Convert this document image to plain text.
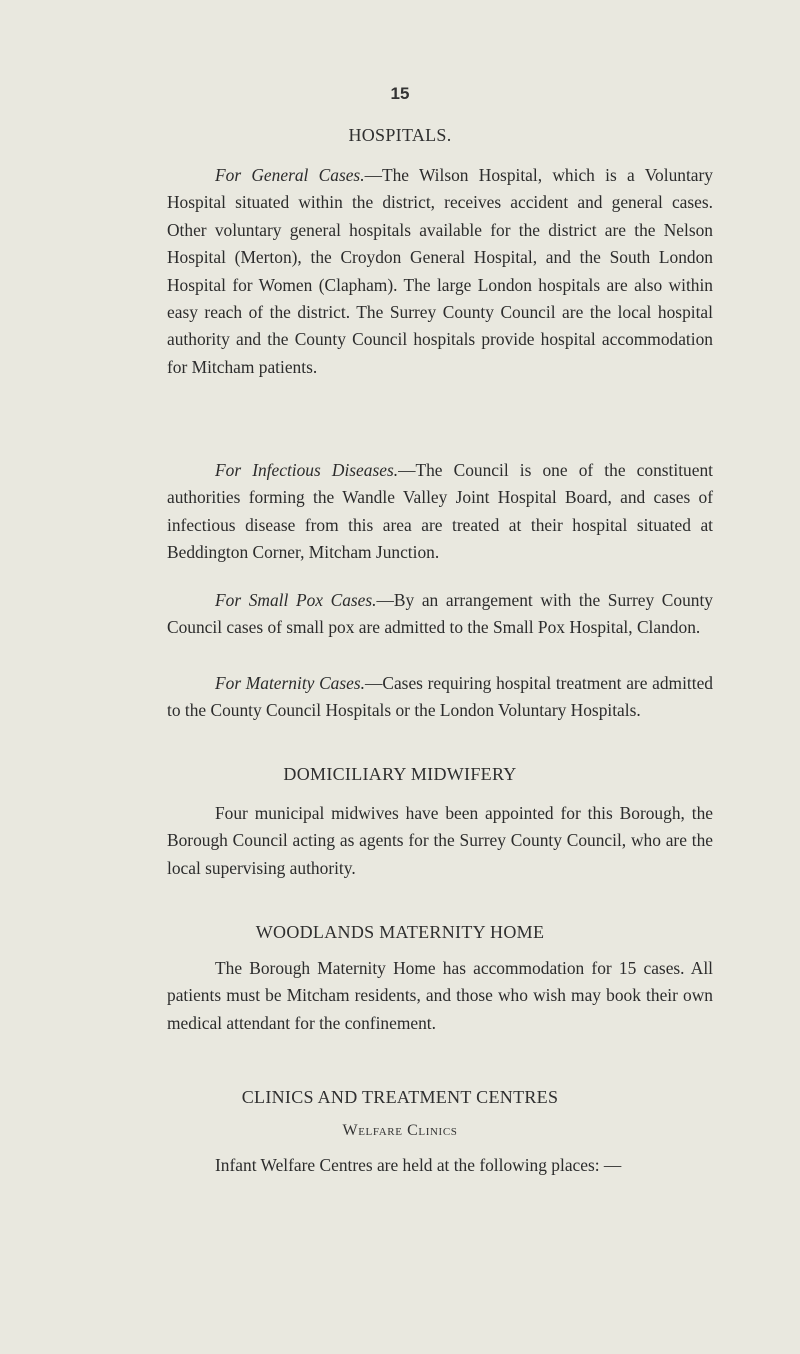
15
HOSPITALS.

For General Cases.—The Wilson Hospital, which is a Voluntary Hospital situated within the district, receives accident and general cases. Other voluntary general hospitals available for the district are the Nelson Hospital (Merton), the Croydon General Hospital, and the South London Hospital for Women (Clapham). The large London hospitals are also within easy reach of the district. The Surrey County Council are the local hospital authority and the County Council hospitals provide hospital accommodation for Mitcham patients.

For Infectious Diseases.—The Council is one of the constituent authorities forming the Wandle Valley Joint Hospital Board, and cases of infectious disease from this area are treated at their hospital situated at Beddington Corner, Mitcham Junction.

For Small Pox Cases.—By an arrangement with the Surrey County Council cases of small pox are admitted to the Small Pox Hospital, Clandon.

For Maternity Cases.—Cases requiring hospital treatment are admitted to the County Council Hospitals or the London Voluntary Hospitals.

DOMICILIARY MIDWIFERY

Four municipal midwives have been appointed for this Borough, the Borough Council acting as agents for the Surrey County Council, who are the local supervising authority.

WOODLANDS MATERNITY HOME

The Borough Maternity Home has accommodation for 15 cases. All patients must be Mitcham residents, and those who wish may book their own medical attendant for the confinement.

CLINICS AND TREATMENT CENTRES
Welfare Clinics

Infant Welfare Centres are held at the following places: —
